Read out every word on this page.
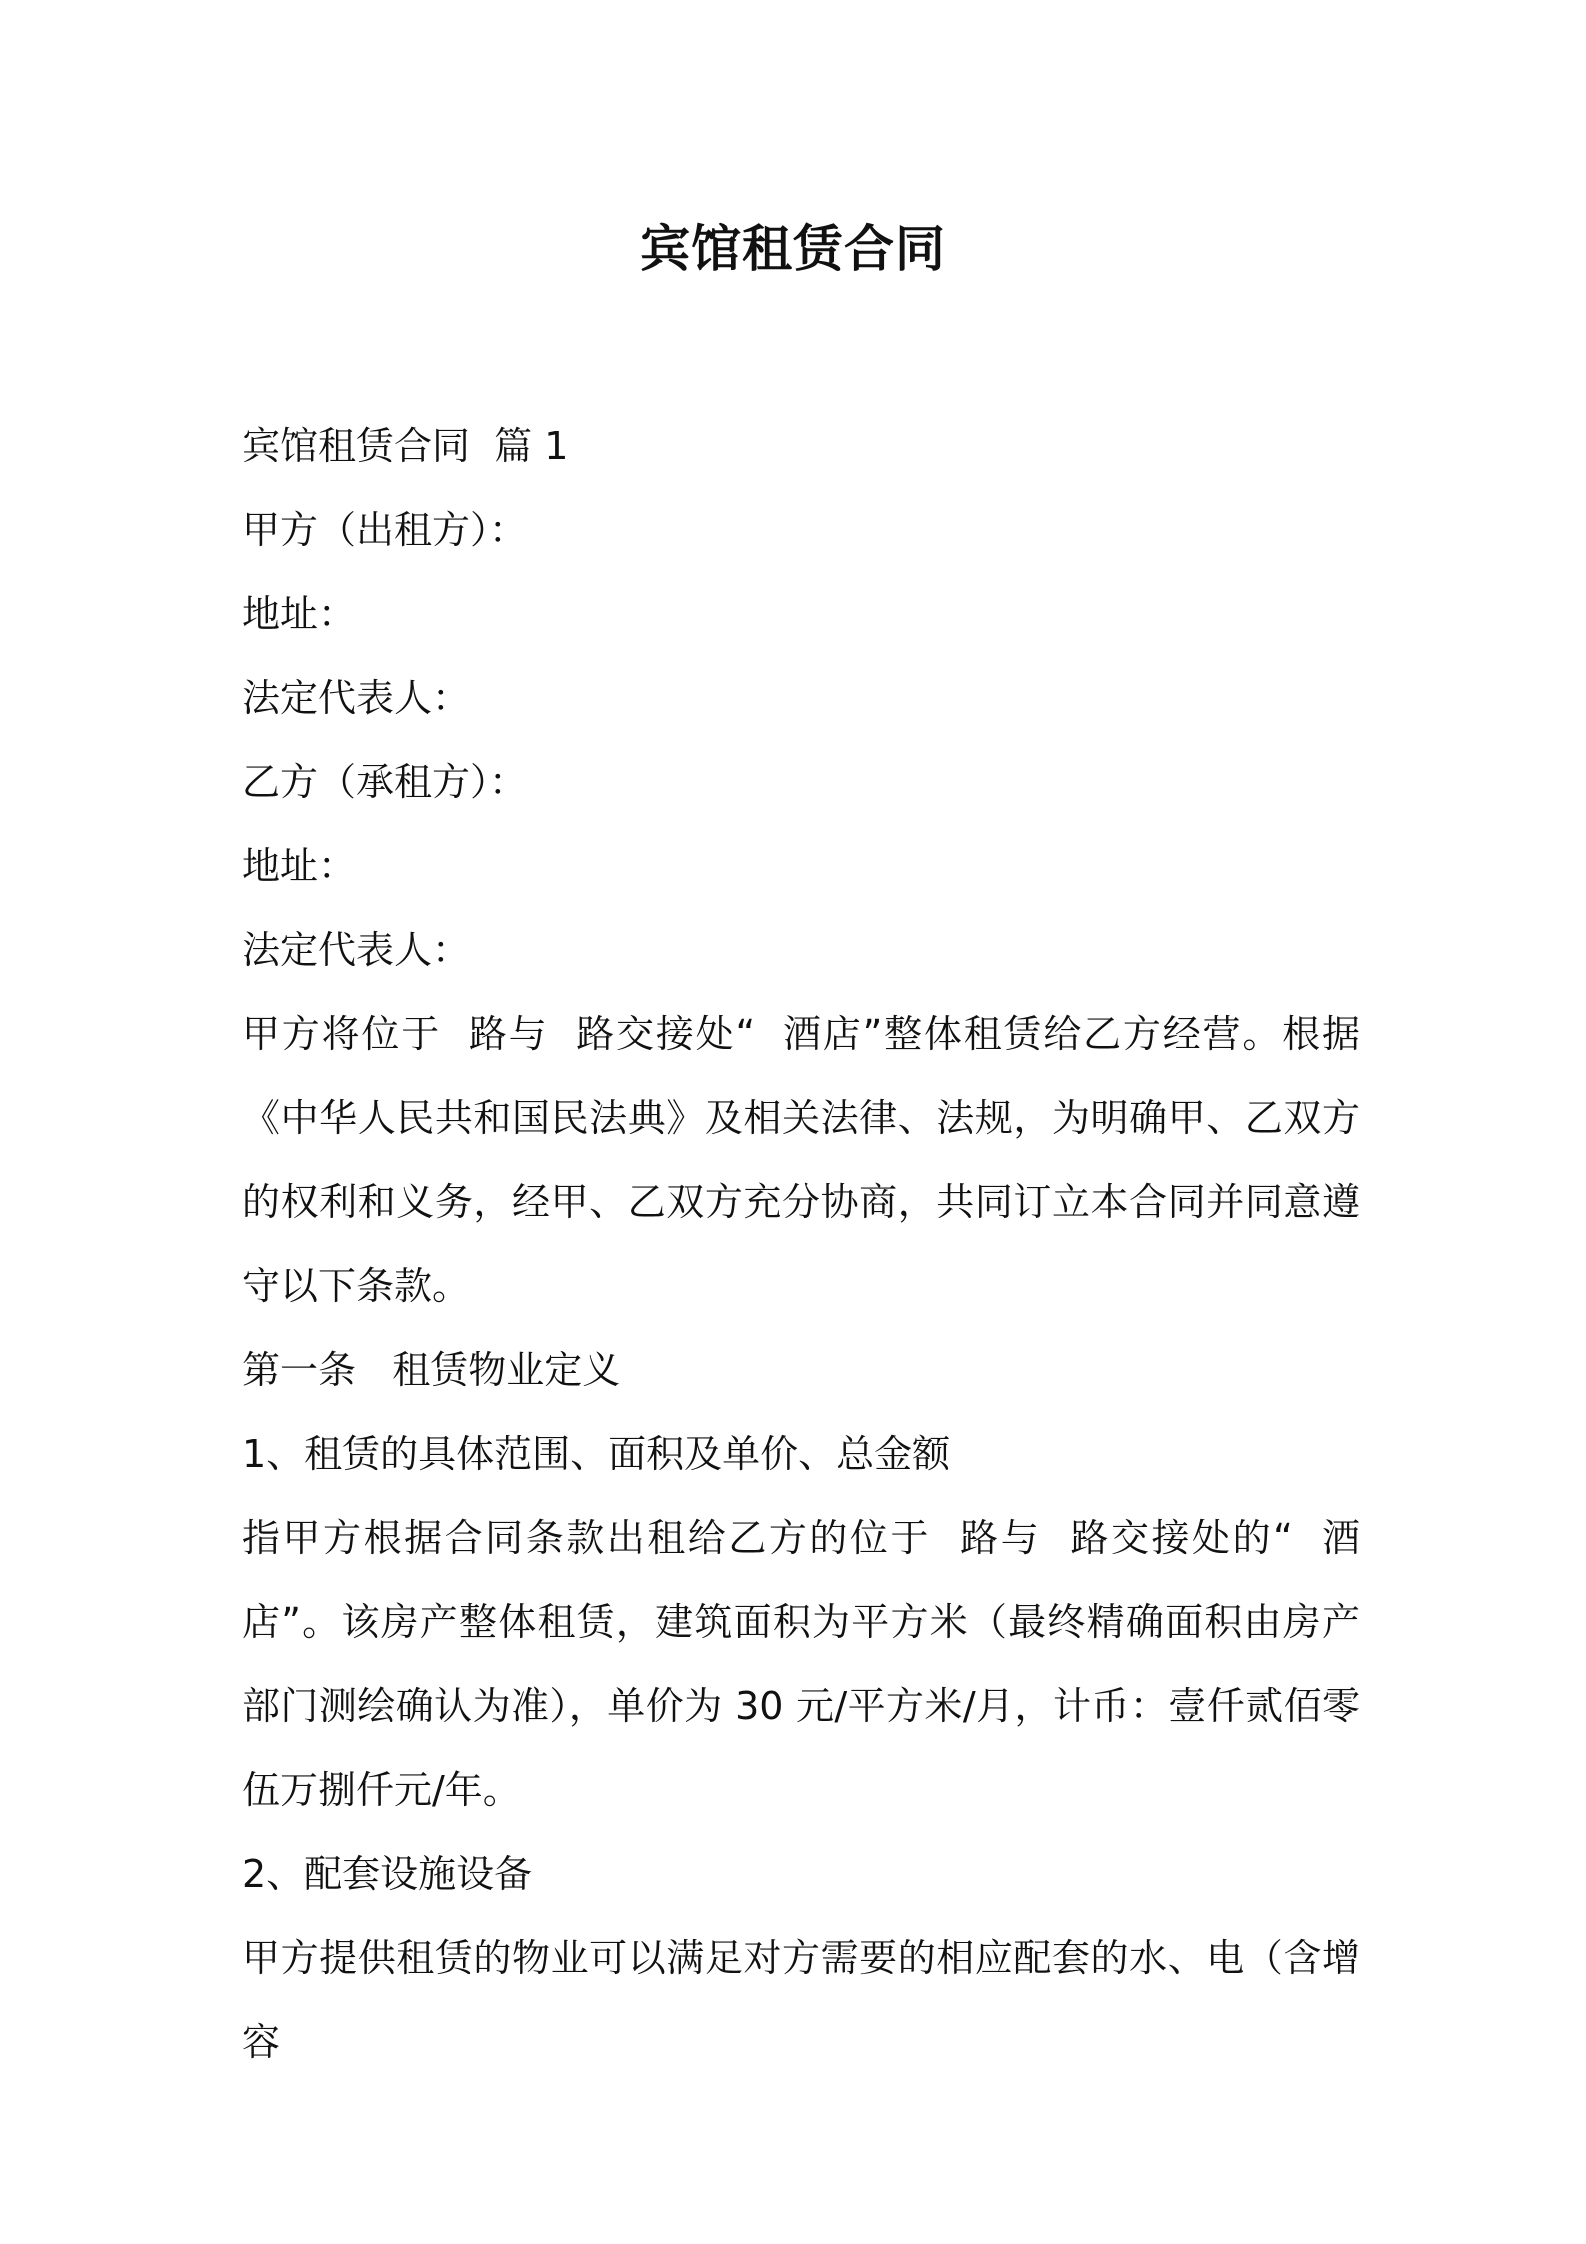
宾馆租赁合同

宾馆租赁合同  篇 1

甲方（出租方）：

地址：

法定代表人：

乙方（承租方）：

地址：

法定代表人：

甲方将位于  路与  路交接处“  酒店”整体租赁给乙方经营。根据《中华人民共和国民法典》及相关法律、法规，为明确甲、乙双方的权利和义务，经甲、乙双方充分协商，共同订立本合同并同意遵守以下条款。

第一条   租赁物业定义

1、租赁的具体范围、面积及单价、总金额

指甲方根据合同条款出租给乙方的位于  路与  路交接处的“  酒店”。该房产整体租赁，建筑面积为平方米（最终精确面积由房产部门测绘确认为准），单价为 30 元/平方米/月，计币：壹仟贰佰零伍万捌仟元/年。

2、配套设施设备

甲方提供租赁的物业可以满足对方需要的相应配套的水、电（含增容
